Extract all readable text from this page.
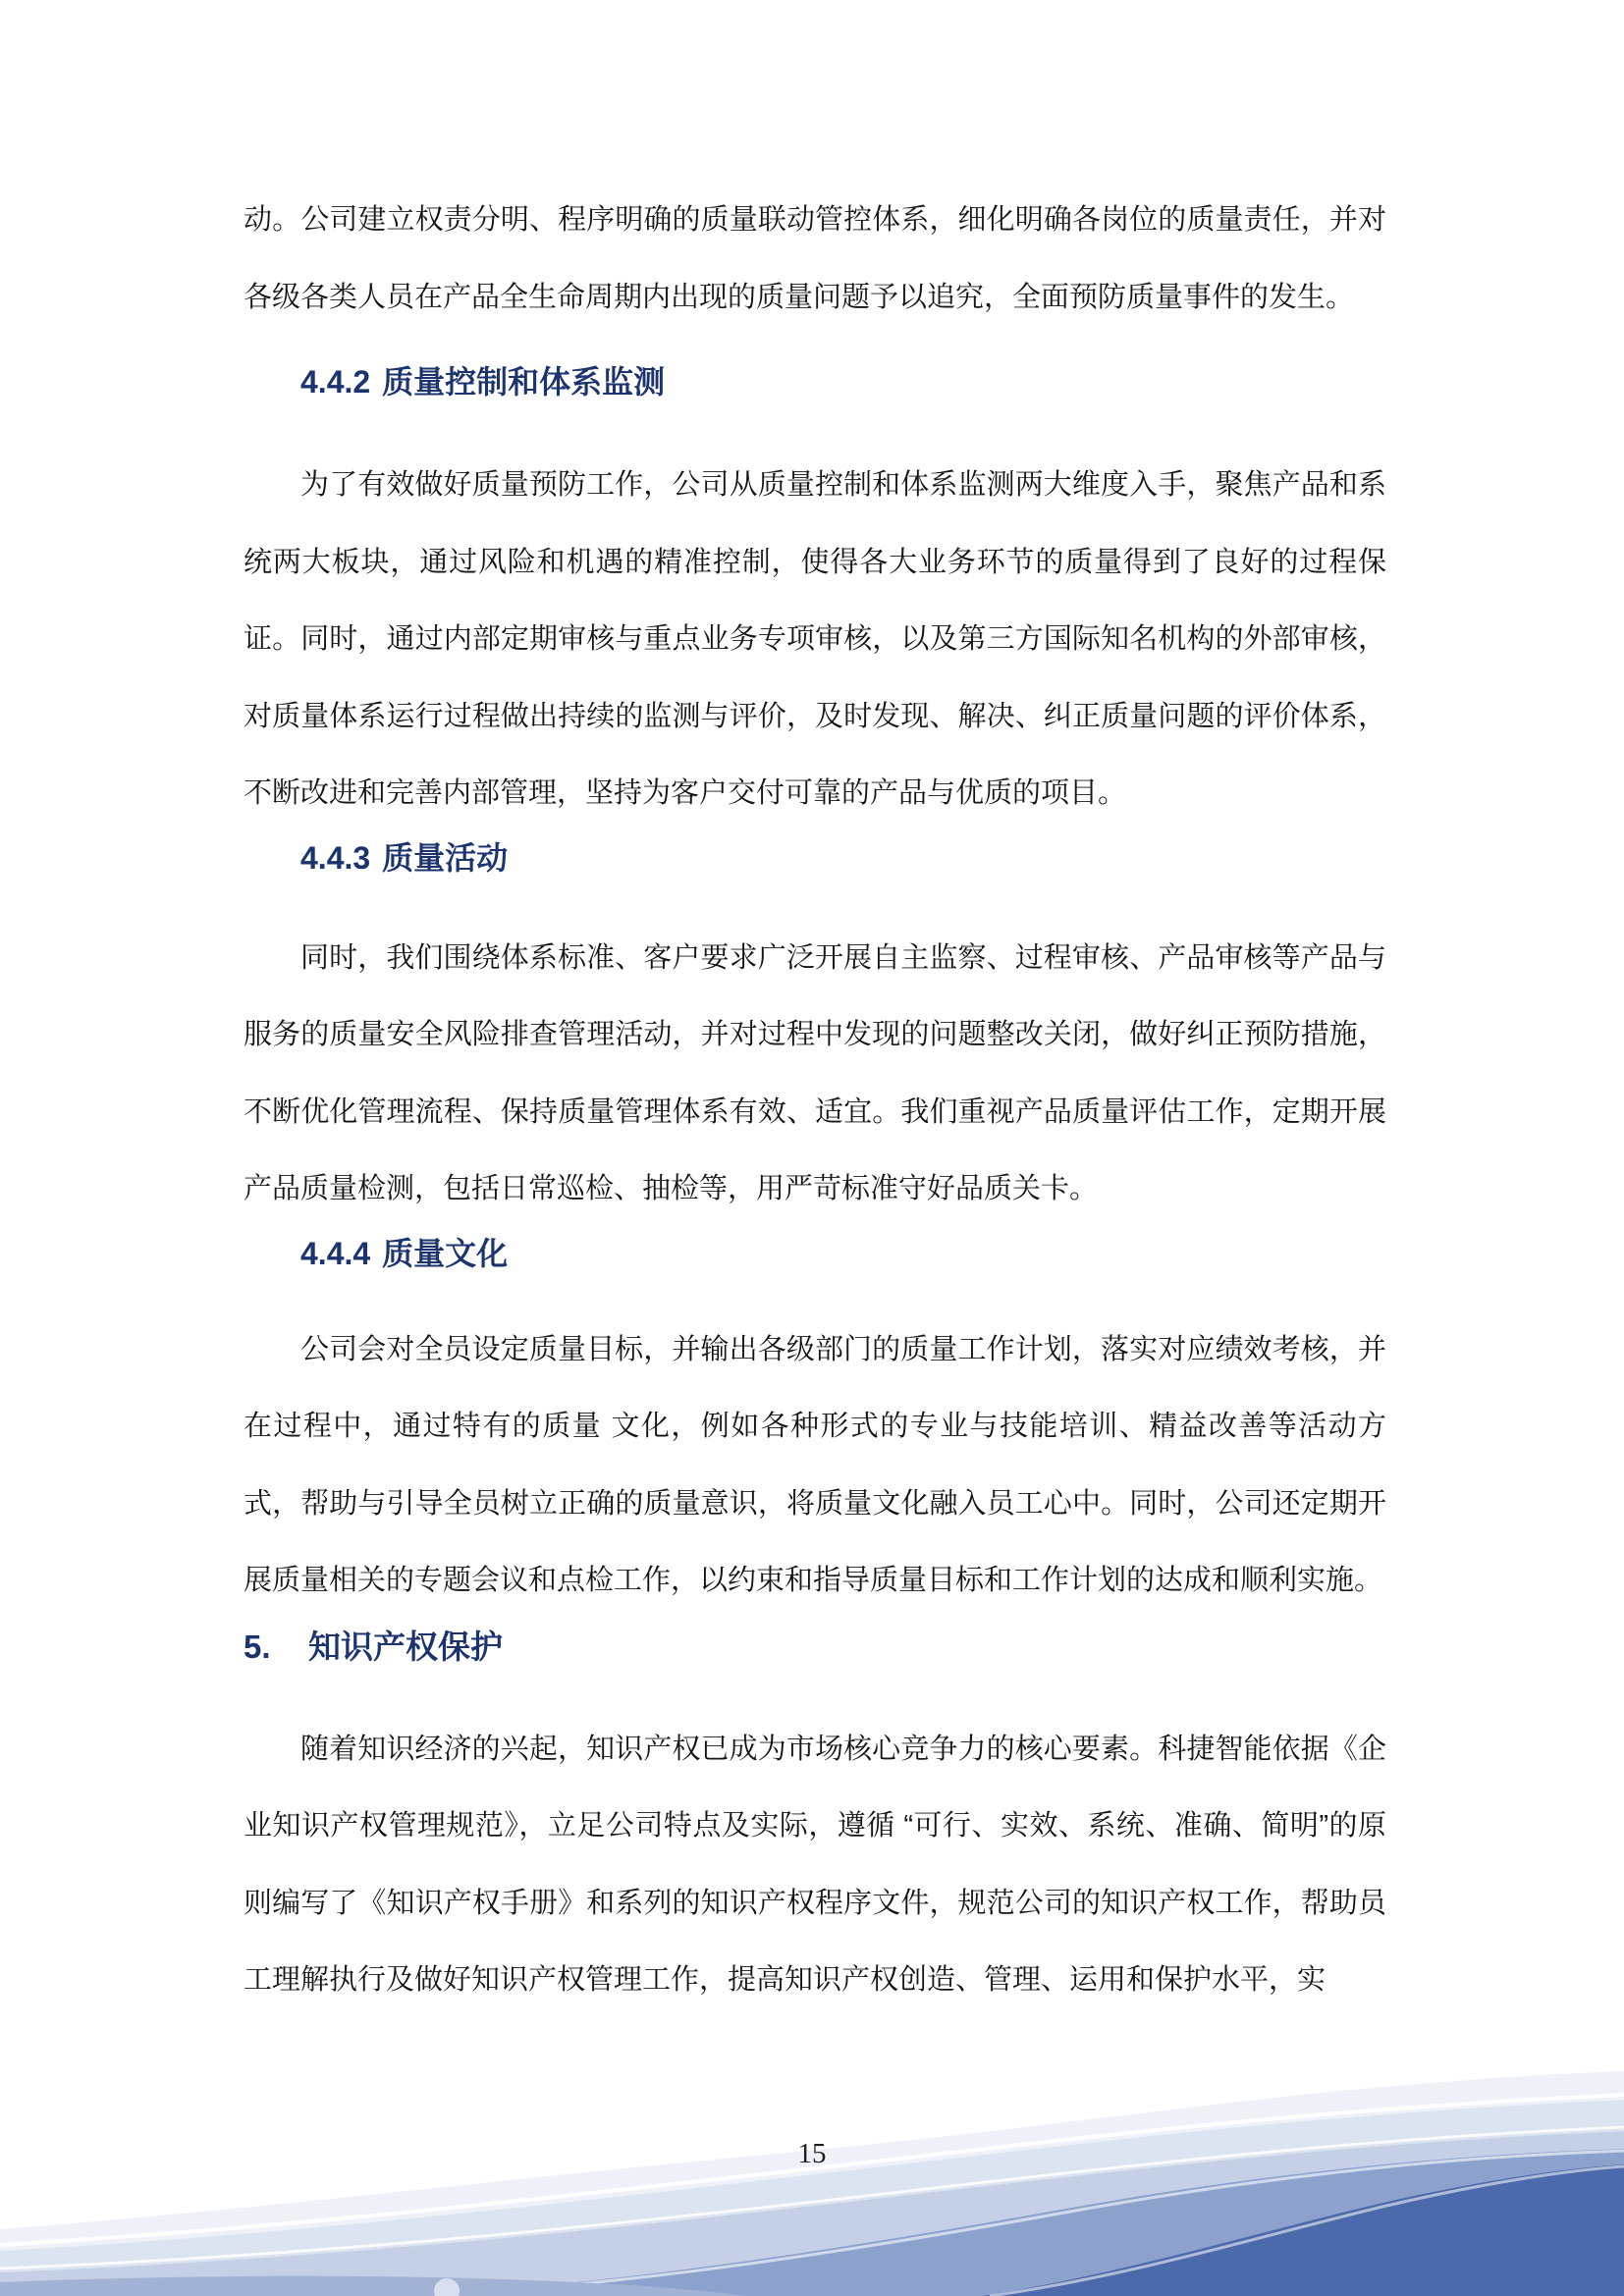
动。公司建立权责分明、程序明确的质量联动管控体系，细化明确各岗位的质量责任，并对各级各类人员在产品全生命周期内出现的质量问题予以追究，全面预防质量事件的发生。

4.4.2 质量控制和体系监测

为了有效做好质量预防工作，公司从质量控制和体系监测两大维度入手，聚焦产品和系统两大板块，通过风险和机遇的精准控制，使得各大业务环节的质量得到了良好的过程保证。同时，通过内部定期审核与重点业务专项审核，以及第三方国际知名机构的外部审核，对质量体系运行过程做出持续的监测与评价，及时发现、解决、纠正质量问题的评价体系，不断改进和完善内部管理，坚持为客户交付可靠的产品与优质的项目。

4.4.3 质量活动

同时，我们围绕体系标准、客户要求广泛开展自主监察、过程审核、产品审核等产品与服务的质量安全风险排查管理活动，并对过程中发现的问题整改关闭，做好纠正预防措施，不断优化管理流程、保持质量管理体系有效、适宜。我们重视产品质量评估工作，定期开展产品质量检测，包括日常巡检、抽检等，用严苛标准守好品质关卡。

4.4.4 质量文化

公司会对全员设定质量目标，并输出各级部门的质量工作计划，落实对应绩效考核，并在过程中，通过特有的质量 文化，例如各种形式的专业与技能培训、精益改善等活动方式，帮助与引导全员树立正确的质量意识，将质量文化融入员工心中。同时，公司还定期开展质量相关的专题会议和点检工作，以约束和指导质量目标和工作计划的达成和顺利实施。

5. 知识产权保护

随着知识经济的兴起，知识产权已成为市场核心竞争力的核心要素。科捷智能依据《企业知识产权管理规范》，立足公司特点及实际，遵循 “可行、实效、系统、准确、简明”的原则编写了《知识产权手册》和系列的知识产权程序文件，规范公司的知识产权工作，帮助员工理解执行及做好知识产权管理工作，提高知识产权创造、管理、运用和保护水平，实

15
